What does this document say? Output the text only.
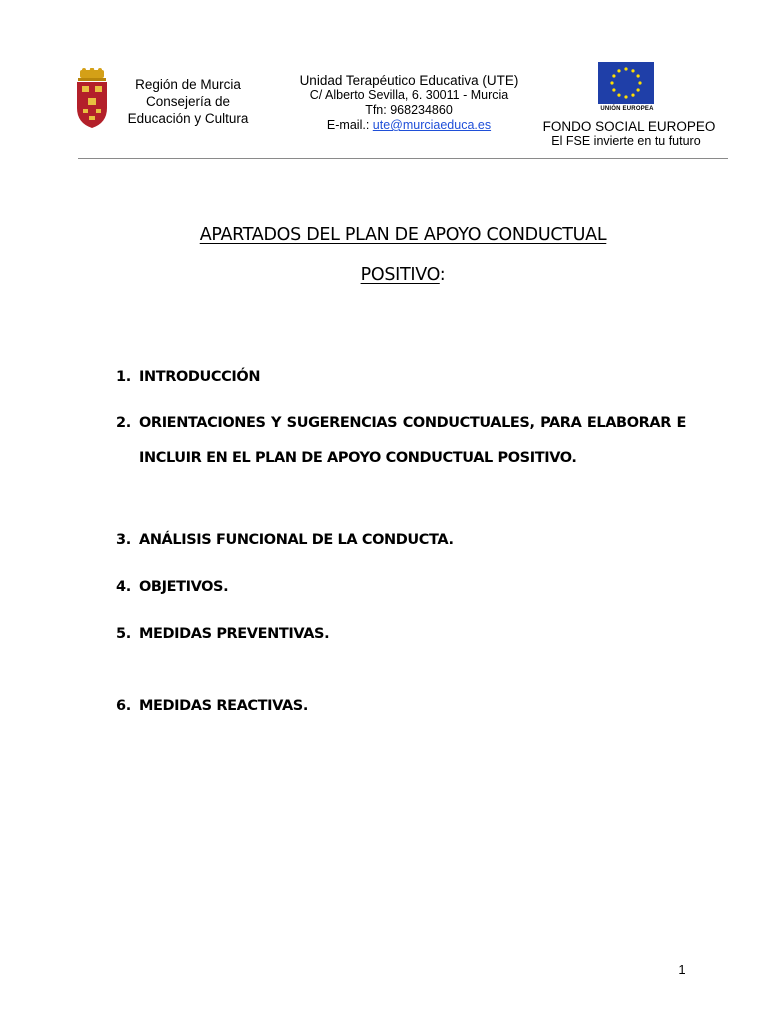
Región de Murcia
Consejería de
Educación y Cultura
Unidad Terapéutico Educativa (UTE)
C/ Alberto Sevilla, 6. 30011 - Murcia
Tfn: 968234860
E-mail.: ute@murciaeduca.es
UNIÓN EUROPEA
FONDO SOCIAL EUROPEO
El FSE invierte en tu futuro
APARTADOS DEL PLAN DE APOYO CONDUCTUAL
POSITIVO:
1. INTRODUCCIÓN
2. ORIENTACIONES Y SUGERENCIAS CONDUCTUALES, PARA ELABORAR E INCLUIR EN EL PLAN DE APOYO CONDUCTUAL POSITIVO.
3. ANÁLISIS FUNCIONAL DE LA CONDUCTA.
4. OBJETIVOS.
5. MEDIDAS PREVENTIVAS.
6. MEDIDAS REACTIVAS.
1
